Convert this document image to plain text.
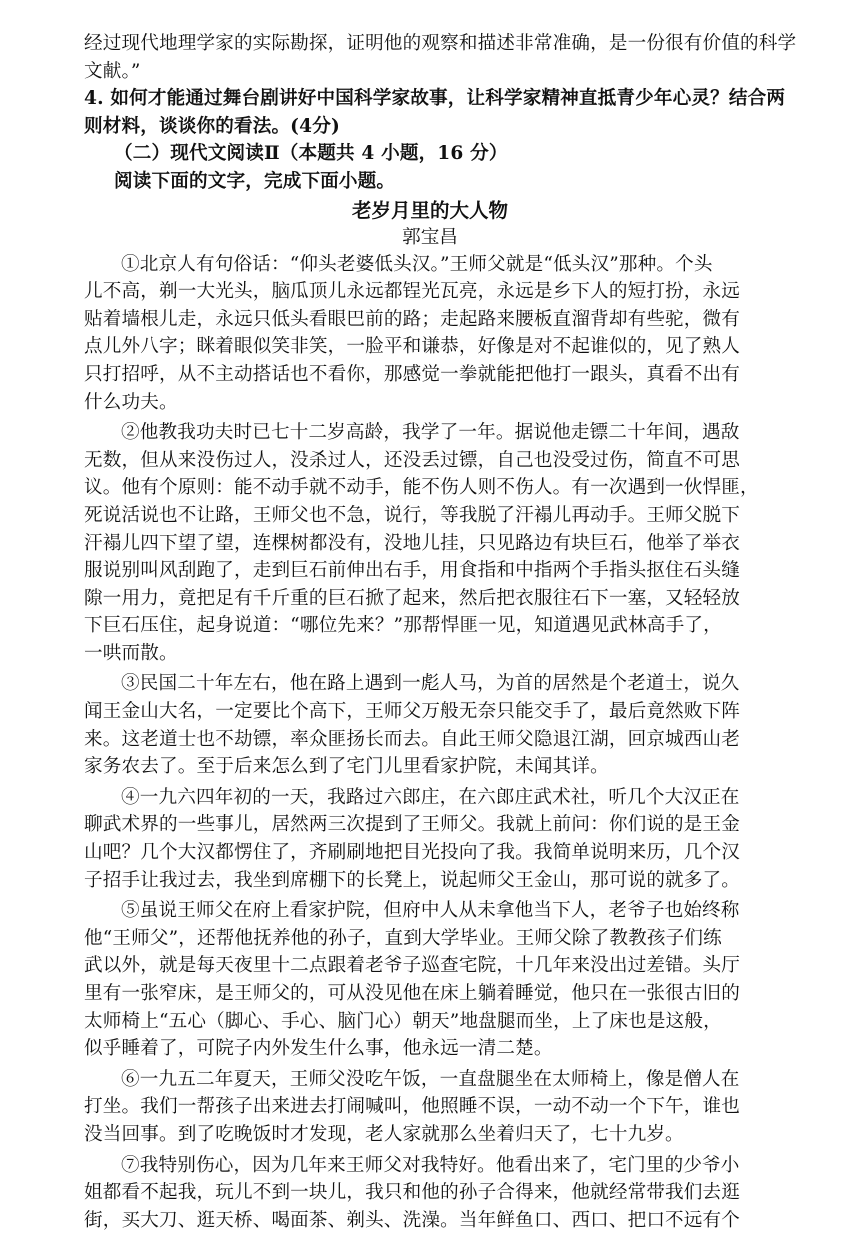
经过现代地理学家的实际勘探，证明他的观察和描述非常准确，是一份很有价值的科学
文献。”
4. 如何才能通过舞台剧讲好中国科学家故事，让科学家精神直抵青少年心灵？结合两
则材料，谈谈你的看法。(4分)
（二）现代文阅读Ⅱ（本题共 4 小题，16 分）
阅读下面的文字，完成下面小题。
老岁月里的大人物
郭宝昌
①北京人有句俗话：“仰头老婆低头汉。”王师父就是“低头汉”那种。个头
儿不高，剃一大光头，脑瓜顶儿永远都锃光瓦亮，永远是乡下人的短打扮，永远
贴着墙根儿走，永远只低头看眼巴前的路；走起路来腰板直溜背却有些驼，微有
点儿外八字；眯着眼似笑非笑，一脸平和谦恭，好像是对不起谁似的，见了熟人
只打招呼，从不主动搭话也不看你，那感觉一拳就能把他打一跟头，真看不出有
什么功夫。
②他教我功夫时已七十二岁高龄，我学了一年。据说他走镖二十年间，遇敌
无数，但从来没伤过人，没杀过人，还没丢过镖，自己也没受过伤，简直不可思
议。他有个原则：能不动手就不动手，能不伤人则不伤人。有一次遇到一伙悍匪，
死说活说也不让路，王师父也不急，说行，等我脱了汗褟儿再动手。王师父脱下
汗褟儿四下望了望，连棵树都没有，没地儿挂，只见路边有块巨石，他举了举衣
服说别叫风刮跑了，走到巨石前伸出右手，用食指和中指两个手指头抠住石头缝
隙一用力，竟把足有千斤重的巨石掀了起来，然后把衣服往石下一塞，又轻轻放
下巨石压住，起身说道：“哪位先来？”那帮悍匪一见，知道遇见武林高手了，
一哄而散。
③民国二十年左右，他在路上遇到一彪人马，为首的居然是个老道士，说久
闻王金山大名，一定要比个高下，王师父万般无奈只能交手了，最后竟然败下阵
来。这老道士也不劫镖，率众匪扬长而去。自此王师父隐退江湖，回京城西山老
家务农去了。至于后来怎么到了宅门儿里看家护院，未闻其详。
④一九六四年初的一天，我路过六郎庄，在六郎庄武术社，听几个大汉正在
聊武术界的一些事儿，居然两三次提到了王师父。我就上前问：你们说的是王金
山吧？几个大汉都愣住了，齐刷刷地把目光投向了我。我简单说明来历，几个汉
子招手让我过去，我坐到席棚下的长凳上，说起师父王金山，那可说的就多了。
⑤虽说王师父在府上看家护院，但府中人从未拿他当下人，老爷子也始终称
他“王师父”，还帮他抚养他的孙子，直到大学毕业。王师父除了教教孩子们练
武以外，就是每天夜里十二点跟着老爷子巡查宅院，十几年来没出过差错。头厅
里有一张窄床，是王师父的，可从没见他在床上躺着睡觉，他只在一张很古旧的
太师椅上“五心（脚心、手心、脑门心）朝天”地盘腿而坐，上了床也是这般，
似乎睡着了，可院子内外发生什么事，他永远一清二楚。
⑥一九五二年夏天，王师父没吃午饭，一直盘腿坐在太师椅上，像是僧人在
打坐。我们一帮孩子出来进去打闹喊叫，他照睡不误，一动不动一个下午，谁也
没当回事。到了吃晚饭时才发现，老人家就那么坐着归天了，七十九岁。
⑦我特别伤心，因为几年来王师父对我特好。他看出来了，宅门里的少爷小
姐都看不起我，玩儿不到一块儿，我只和他的孙子合得来，他就经常带我们去逛
街，买大刀、逛天桥、喝面茶、剃头、洗澡。当年鲜鱼口、西口、把口不远有个
